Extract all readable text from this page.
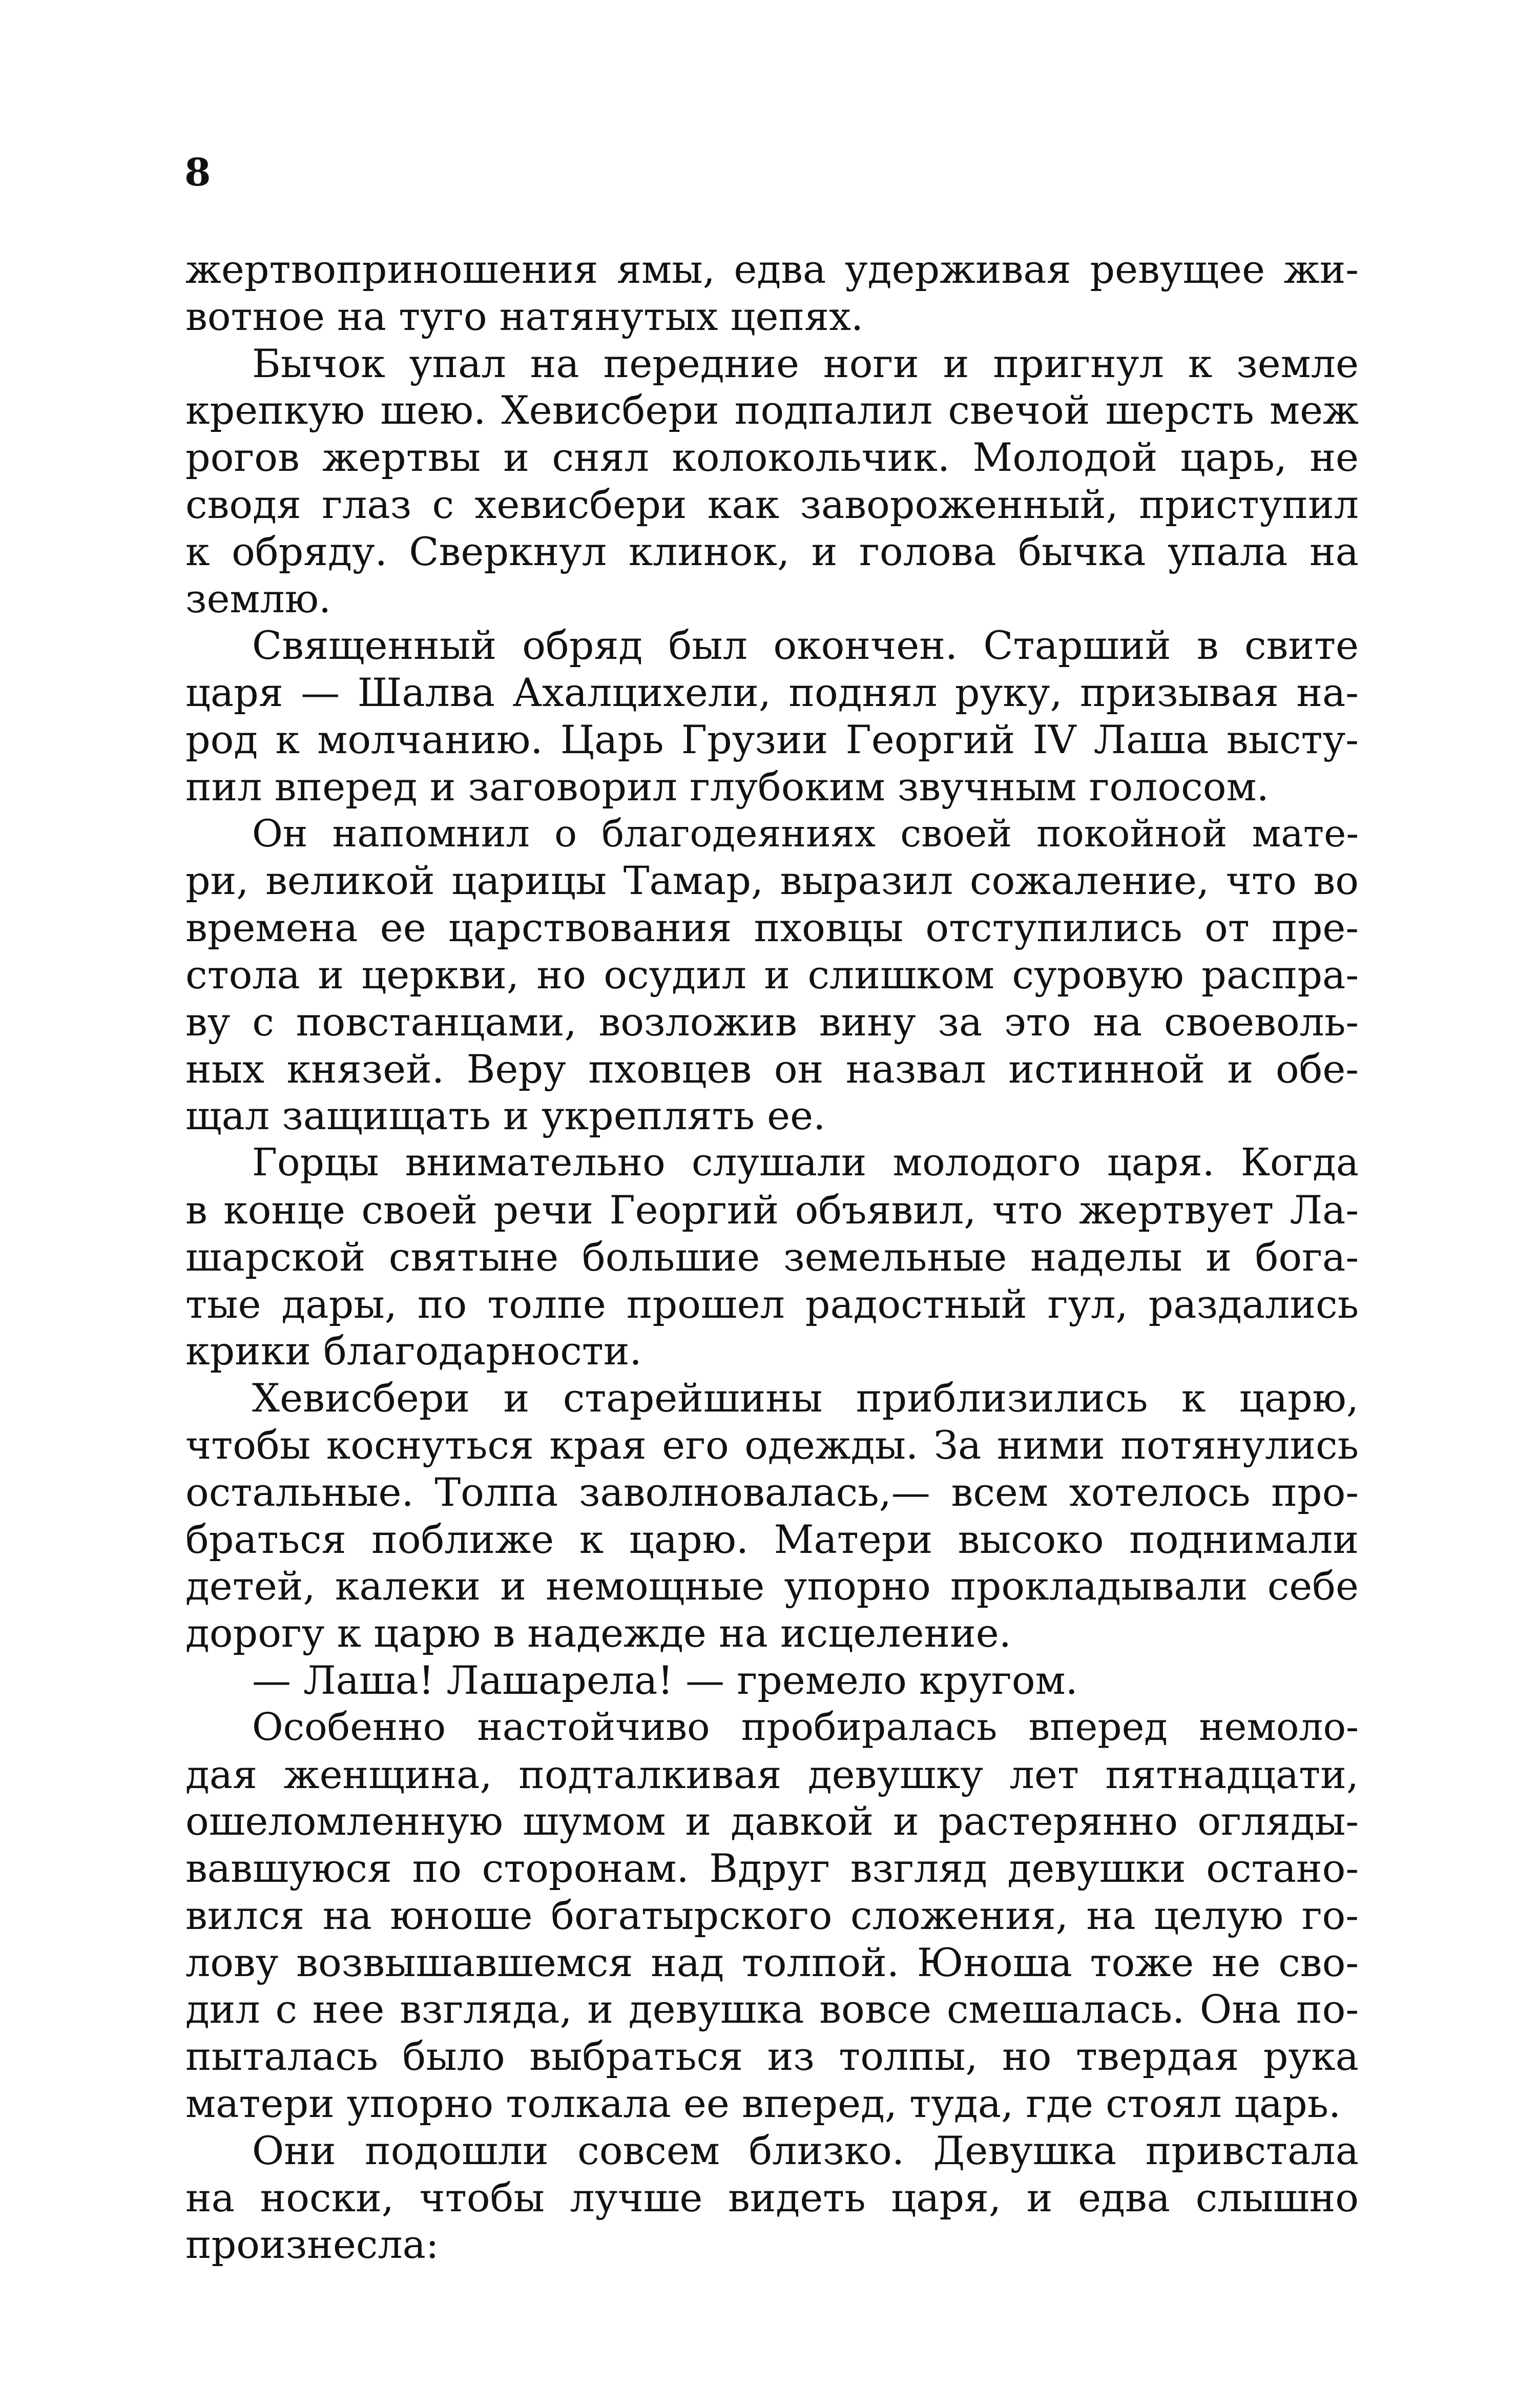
8
жертвоприношения ямы, едва удерживая ревущее жи-
вотное на туго натянутых цепях.
Бычок упал на передние ноги и пригнул к земле
крепкую шею. Хевисбери подпалил свечой шерсть меж
рогов жертвы и снял колокольчик. Молодой царь, не
сводя глаз с хевисбери как завороженный, приступил
к обряду. Сверкнул клинок, и голова бычка упала на
землю.
Священный обряд был окончен. Старший в свите
царя — Шалва Ахалцихели, поднял руку, призывая на-
род к молчанию. Царь Грузии Георгий IV Лаша высту-
пил вперед и заговорил глубоким звучным голосом.
Он напомнил о благодеяниях своей покойной мате-
ри, великой царицы Тамар, выразил сожаление, что во
времена ее царствования пховцы отступились от пре-
стола и церкви, но осудил и слишком суровую распра-
ву с повстанцами, возложив вину за это на своеволь-
ных князей. Веру пховцев он назвал истинной и обе-
щал защищать и укреплять ее.
Горцы внимательно слушали молодого царя. Когда
в конце своей речи Георгий объявил, что жертвует Ла-
шарской святыне большие земельные наделы и бога-
тые дары, по толпе прошел радостный гул, раздались
крики благодарности.
Хевисбери и старейшины приблизились к царю,
чтобы коснуться края его одежды. За ними потянулись
остальные. Толпа заволновалась,— всем хотелось про-
браться поближе к царю. Матери высоко поднимали
детей, калеки и немощные упорно прокладывали себе
дорогу к царю в надежде на исцеление.
— Лаша! Лашарела! — гремело кругом.
Особенно настойчиво пробиралась вперед немоло-
дая женщина, подталкивая девушку лет пятнадцати,
ошеломленную шумом и давкой и растерянно огляды-
вавшуюся по сторонам. Вдруг взгляд девушки остано-
вился на юноше богатырского сложения, на целую го-
лову возвышавшемся над толпой. Юноша тоже не сво-
дил с нее взгляда, и девушка вовсе смешалась. Она по-
пыталась было выбраться из толпы, но твердая рука
матери упорно толкала ее вперед, туда, где стоял царь.
Они подошли совсем близко. Девушка привстала
на носки, чтобы лучше видеть царя, и едва слышно
произнесла:
